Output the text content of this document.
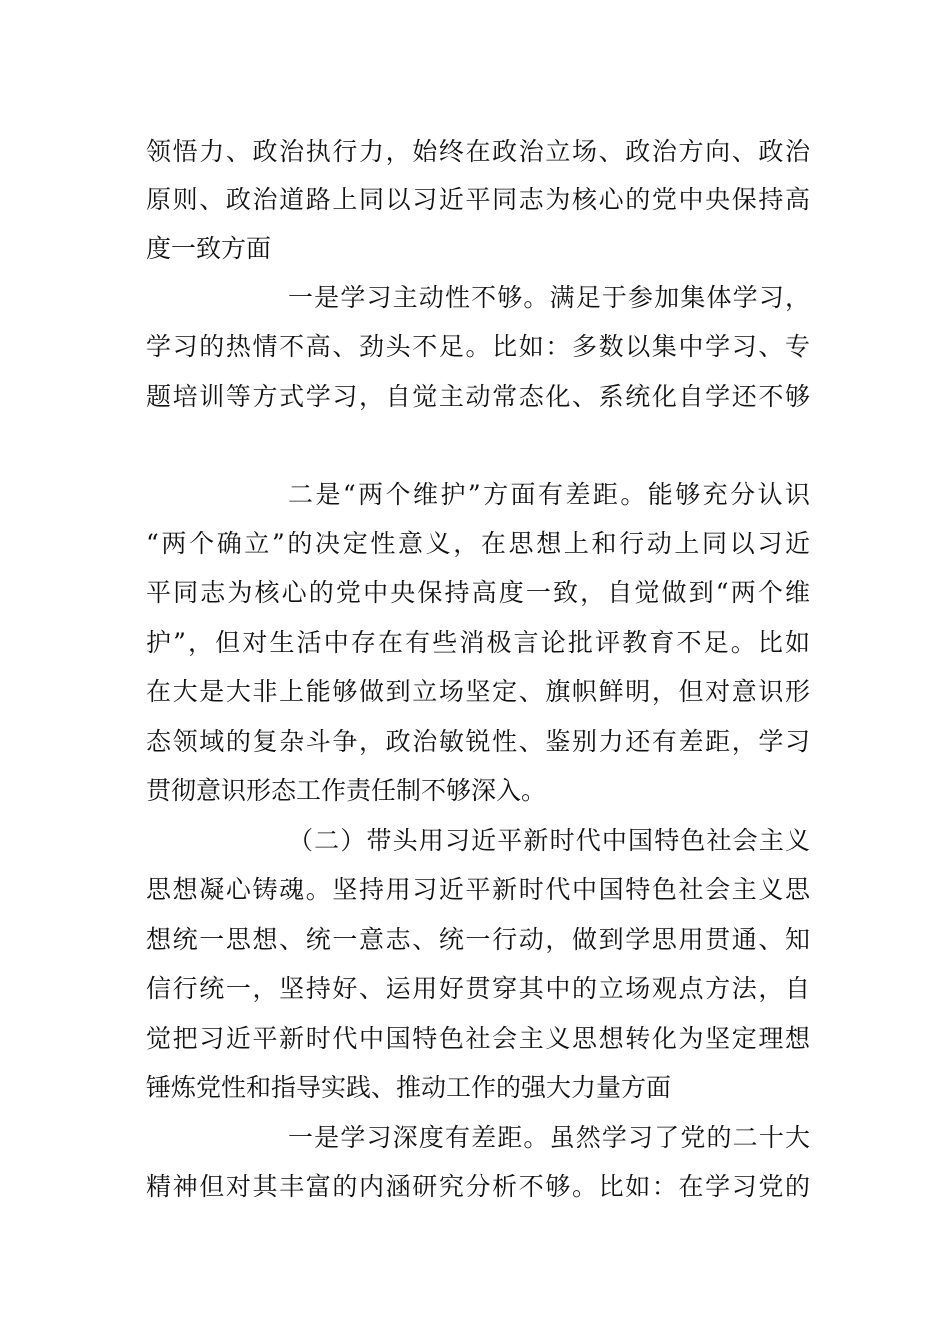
领悟力、政治执行力，始终在政治立场、政治方向、政治
原则、政治道路上同以习近平同志为核心的党中央保持高
度一致方面
一是学习主动性不够。满足于参加集体学习，
学习的热情不高、劲头不足。比如：多数以集中学习、专
题培训等方式学习，自觉主动常态化、系统化自学还不够
二是“两个维护”方面有差距。能够充分认识
“两个确立”的决定性意义，在思想上和行动上同以习近
平同志为核心的党中央保持高度一致，自觉做到“两个维
护”，但对生活中存在有些消极言论批评教育不足。比如
在大是大非上能够做到立场坚定、旗帜鲜明，但对意识形
态领域的复杂斗争，政治敏锐性、鉴别力还有差距，学习
贯彻意识形态工作责任制不够深入。
（二）带头用习近平新时代中国特色社会主义
思想凝心铸魂。坚持用习近平新时代中国特色社会主义思
想统一思想、统一意志、统一行动，做到学思用贯通、知
信行统一，坚持好、运用好贯穿其中的立场观点方法，自
觉把习近平新时代中国特色社会主义思想转化为坚定理想
锤炼党性和指导实践、推动工作的强大力量方面
一是学习深度有差距。虽然学习了党的二十大
精神但对其丰富的内涵研究分析不够。比如：在学习党的
